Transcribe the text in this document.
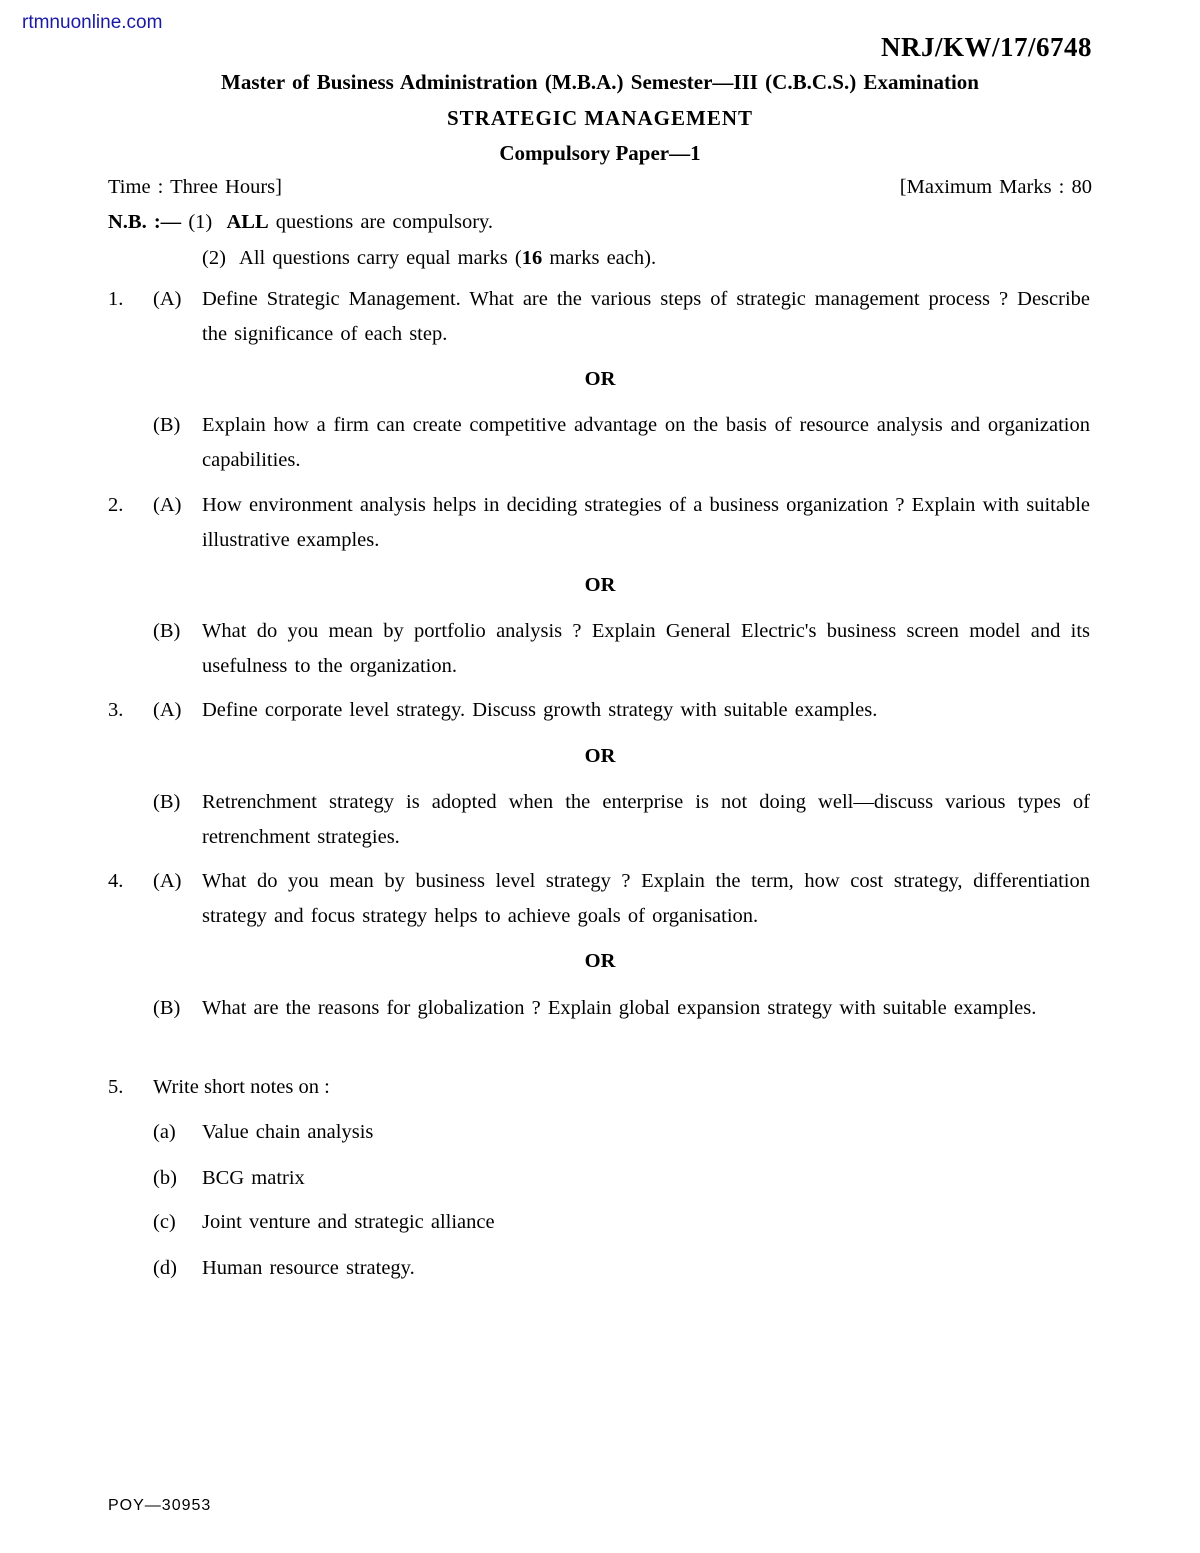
rtmnuonline.com
NRJ/KW/17/6748
Master of Business Administration (M.B.A.) Semester—III (C.B.C.S.) Examination
STRATEGIC MANAGEMENT
Compulsory Paper—1
Time : Three Hours]	[Maximum Marks : 80
N.B. :— (1) ALL questions are compulsory.
(2) All questions carry equal marks (16 marks each).
1. (A) Define Strategic Management. What are the various steps of strategic management process ? Describe the significance of each step.
OR
(B) Explain how a firm can create competitive advantage on the basis of resource analysis and organization capabilities.
2. (A) How environment analysis helps in deciding strategies of a business organization ? Explain with suitable illustrative examples.
OR
(B) What do you mean by portfolio analysis ? Explain General Electric's business screen model and its usefulness to the organization.
3. (A) Define corporate level strategy. Discuss growth strategy with suitable examples.
OR
(B) Retrenchment strategy is adopted when the enterprise is not doing well—discuss various types of retrenchment strategies.
4. (A) What do you mean by business level strategy ? Explain the term, how cost strategy, differentiation strategy and focus strategy helps to achieve goals of organisation.
OR
(B) What are the reasons for globalization ? Explain global expansion strategy with suitable examples.
5. Write short notes on :
(a) Value chain analysis
(b) BCG matrix
(c) Joint venture and strategic alliance
(d) Human resource strategy.
POY—30953
